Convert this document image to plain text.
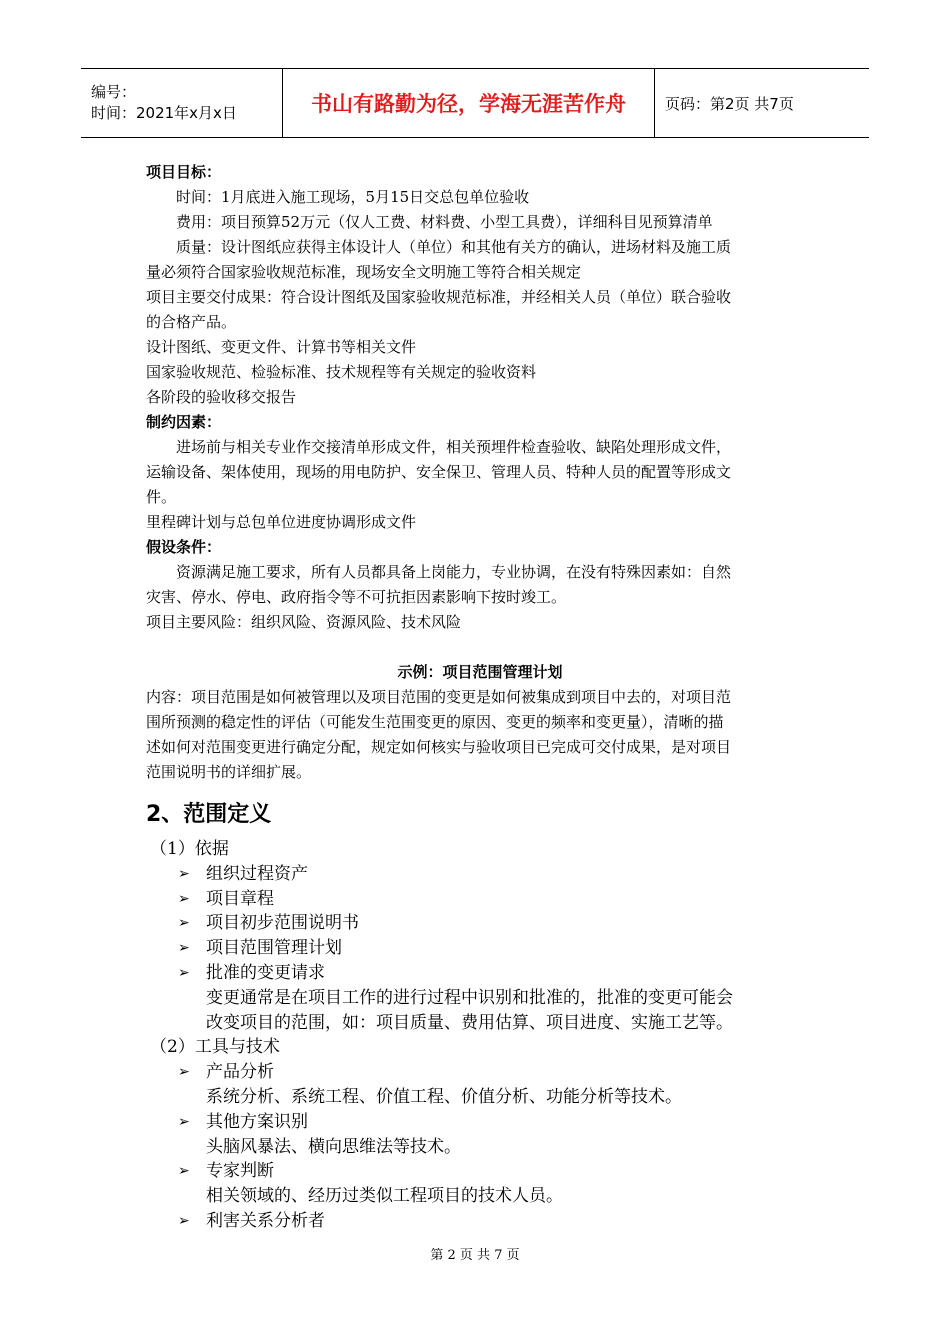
编号：
时间：2021年x月x日	书山有路勤为径，学海无涯苦作舟	页码：第2页 共7页

项目目标：

时间：1月底进入施工现场，5月15日交总包单位验收

费用：项目预算52万元（仅人工费、材料费、小型工具费），详细科目见预算清单

质量：设计图纸应获得主体设计人（单位）和其他有关方的确认，进场材料及施工质

量必须符合国家验收规范标准，现场安全文明施工等符合相关规定

项目主要交付成果：符合设计图纸及国家验收规范标准，并经相关人员（单位）联合验收

的合格产品。

设计图纸、变更文件、计算书等相关文件

国家验收规范、检验标准、技术规程等有关规定的验收资料

各阶段的验收移交报告

制约因素：

进场前与相关专业作交接清单形成文件，相关预埋件检查验收、缺陷处理形成文件，

运输设备、架体使用，现场的用电防护、安全保卫、管理人员、特种人员的配置等形成文

件。

里程碑计划与总包单位进度协调形成文件

假设条件：

资源满足施工要求，所有人员都具备上岗能力，专业协调，在没有特殊因素如：自然

灾害、停水、停电、政府指令等不可抗拒因素影响下按时竣工。

项目主要风险：组织风险、资源风险、技术风险

示例：项目范围管理计划

内容：项目范围是如何被管理以及项目范围的变更是如何被集成到项目中去的，对项目范

围所预测的稳定性的评估（可能发生范围变更的原因、变更的频率和变更量），清晰的描

述如何对范围变更进行确定分配，规定如何核实与验收项目已完成可交付成果，是对项目

范围说明书的详细扩展。

2、范围定义

（1）依据

➢ 组织过程资产

➢ 项目章程

➢ 项目初步范围说明书

➢ 项目范围管理计划

➢ 批准的变更请求

变更通常是在项目工作的进行过程中识别和批准的，批准的变更可能会

改变项目的范围，如：项目质量、费用估算、项目进度、实施工艺等。

（2）工具与技术

➢ 产品分析

系统分析、系统工程、价值工程、价值分析、功能分析等技术。

➢ 其他方案识别

头脑风暴法、横向思维法等技术。

➢ 专家判断

相关领域的、经历过类似工程项目的技术人员。

➢ 利害关系分析者

第 2 页 共 7 页
